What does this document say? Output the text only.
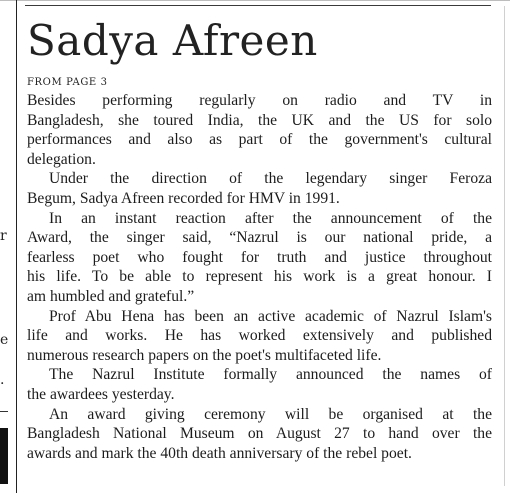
r
e
.
Sadya Afreen
FROM PAGE 3

Besides performing regularly on radio and TV in
Bangladesh, she toured India, the UK and the US for solo
performances and also as part of the government's cultural
delegation.

Under the direction of the legendary singer Feroza
Begum, Sadya Afreen recorded for HMV in 1991.

In an instant reaction after the announcement of the
Award, the singer said, “Nazrul is our national pride, a
fearless poet who fought for truth and justice throughout
his life. To be able to represent his work is a great honour. I
am humbled and grateful.”

Prof Abu Hena has been an active academic of Nazrul Islam's
life and works. He has worked extensively and published
numerous research papers on the poet's multifaceted life.

The Nazrul Institute formally announced the names of
the awardees yesterday.

An award giving ceremony will be organised at the
Bangladesh National Museum on August 27 to hand over the
awards and mark the 40th death anniversary of the rebel poet.
